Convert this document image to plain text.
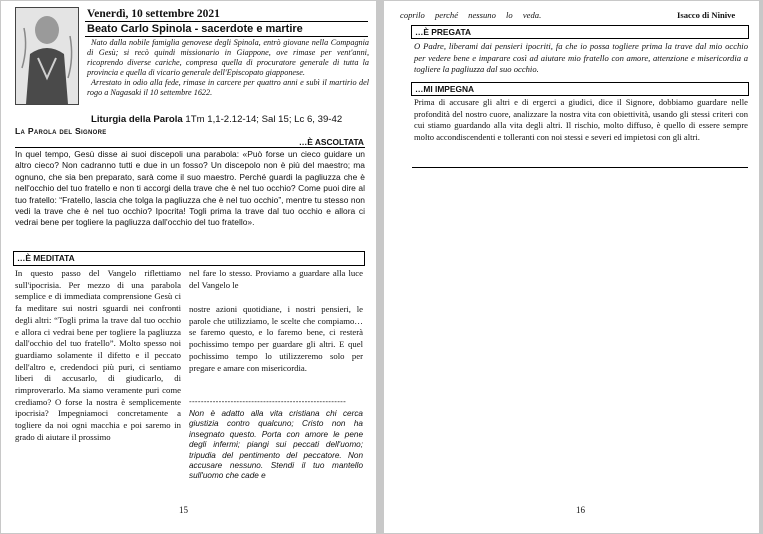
Venerdì, 10 settembre 2021
Beato Carlo Spinola - sacerdote e martire

Nato dalla nobile famiglia genovese degli Spinola, entrò giovane nella Compagnia di Gesù; si recò quindi missionario in Giappone, ove rimase per vent'anni, ricoprendo diverse cariche, compresa quella di procuratore generale di tutta la provincia e quella di vicario generale dell'Episcopato giapponese.

Arrestato in odio alla fede, rimase in carcere per quattro anni e subì il martirio del rogo a Nagasaki il 10 settembre 1622.

Liturgia della Parola 1Tm 1,1-2.12-14; Sal 15; Lc 6, 39-42
La Parola del Signore
…È ASCOLTATA
In quel tempo, Gesù disse ai suoi discepoli una parabola: «Può forse un cieco guidare un altro cieco? Non cadranno tutti e due in un fosso? Un discepolo non è più del maestro; ma ognuno, che sia ben preparato, sarà come il suo maestro. Perché guardi la pagliuzza che è nell'occhio del tuo fratello e non ti accorgi della trave che è nel tuo occhio? Come puoi dire al tuo fratello: “Fratello, lascia che tolga la pagliuzza che è nel tuo occhio”, mentre tu stesso non vedi la trave che è nel tuo occhio? Ipocrita! Togli prima la trave dal tuo occhio e allora ci vedrai bene per togliere la pagliuzza dall'occhio del tuo fratello».
…È MEDITATA
In questo passo del Vangelo riflettiamo sull'ipocrisia. Per mezzo di una parabola semplice e di immediata comprensione Gesù ci fa meditare sui nostri sguardi nei confronti degli altri: “Togli prima la trave dal tuo occhio e allora ci vedrai bene per togliere la pagliuzza dall'occhio del tuo fratello”. Molto spesso noi guardiamo solamente il difetto e il peccato dell'altro e, credendoci più puri, ci sentiamo liberi di accusarlo, di giudicarlo, di rimproverarlo. Ma siamo veramente puri come crediamo? O forse la nostra è semplicemente ipocrisia? Impegniamoci concretamente a togliere da noi ogni macchia e poi saremo in grado di aiutare il prossimo
nel fare lo stesso. Proviamo a guardare alla luce del Vangelo le
nostre azioni quotidiane, i nostri pensieri, le parole che utilizziamo, le scelte che compiamo… se faremo questo, e lo faremo bene, ci resterà pochissimo tempo per guardare gli altri. E quel pochissimo tempo lo utilizzeremo solo per pregare e amare con misericordia.
-----------------------------------------------------
Non è adatto alla vita cristiana chi cerca giustizia contro qualcuno; Cristo non ha insegnato questo. Porta con amore le pene degli infermi; piangi sui peccati dell'uomo; tripudia del pentimento del peccatore. Non accusare nessuno. Stendi il tuo mantello sull'uomo che cade e
15
coprilo perché nessuno lo veda.	Isacco di Ninive
…È PREGATA
O Padre, liberami dai pensieri ipocriti, fa che io possa togliere prima la trave dal mio occhio per vedere bene e imparare così ad aiutare mio fratello con amore, attenzione e misericordia a togliere la pagliuzza dal suo occhio.
…MI IMPEGNA
Prima di accusare gli altri e di ergerci a giudici, dice il Signore, dobbiamo guardare nelle profondità del nostro cuore, analizzare la nostra vita con obiettività, usando gli stessi criteri con cui stiamo guardando alla vita degli altri. Il rischio, molto diffuso, è quello di essere sempre molto accondiscendenti e tolleranti con noi stessi e severi ed impietosi con gli altri.
16
